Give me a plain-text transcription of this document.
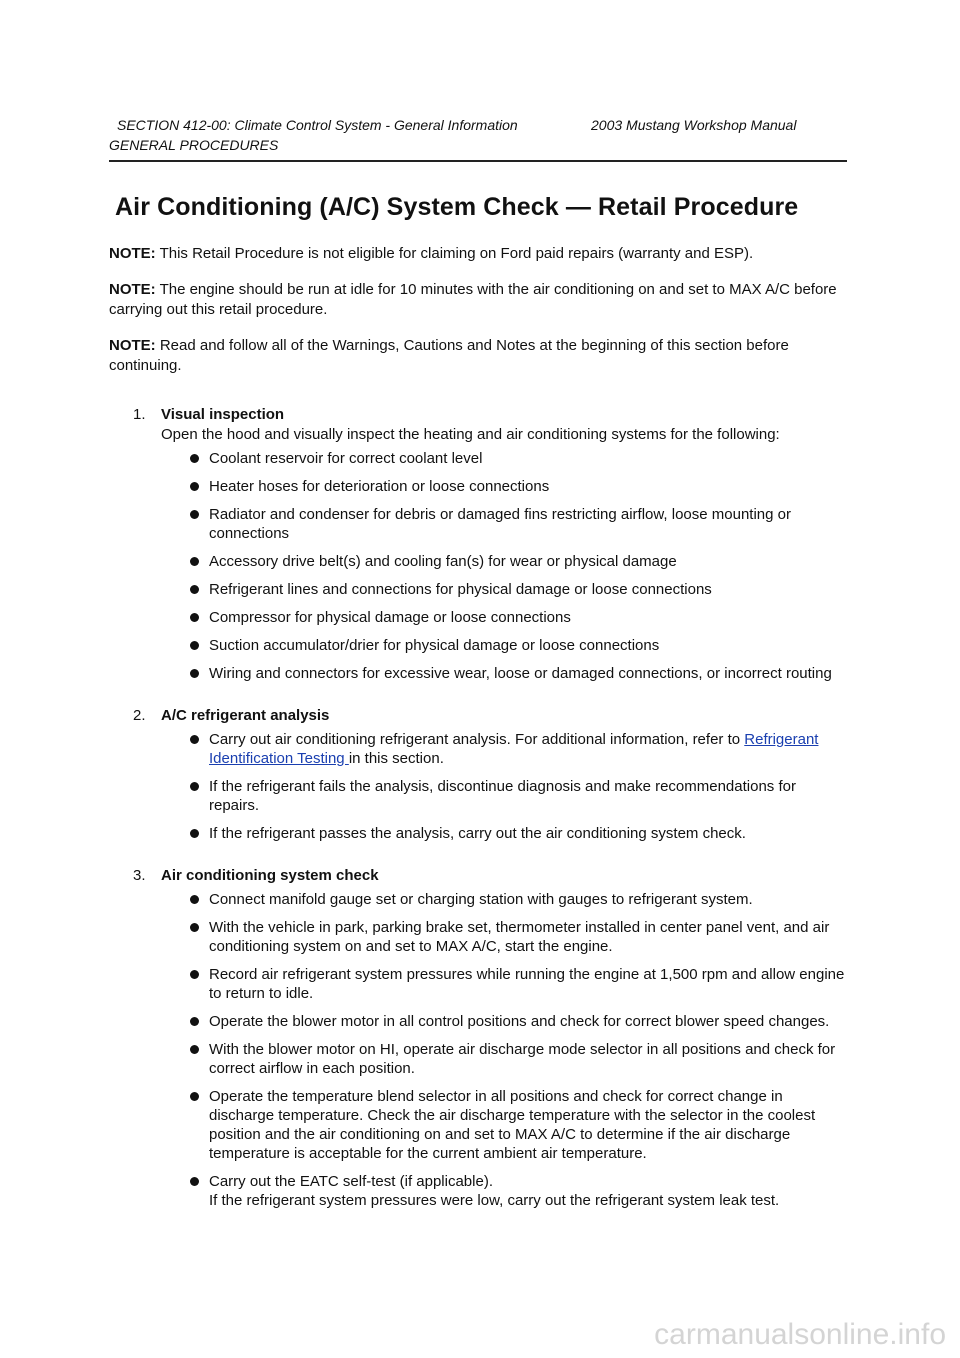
SECTION 412-00: Climate Control System - General Information	2003 Mustang Workshop Manual
GENERAL PROCEDURES
Air Conditioning (A/C) System Check — Retail Procedure

NOTE: This Retail Procedure is not eligible for claiming on Ford paid repairs (warranty and ESP).

NOTE: The engine should be run at idle for 10 minutes with the air conditioning on and set to MAX A/C before carrying out this retail procedure.

NOTE: Read and follow all of the Warnings, Cautions and Notes at the beginning of this section before continuing.

1. Visual inspection
Open the hood and visually inspect the heating and air conditioning systems for the following:
Coolant reservoir for correct coolant level
Heater hoses for deterioration or loose connections
Radiator and condenser for debris or damaged fins restricting airflow, loose mounting or connections
Accessory drive belt(s) and cooling fan(s) for wear or physical damage
Refrigerant lines and connections for physical damage or loose connections
Compressor for physical damage or loose connections
Suction accumulator/drier for physical damage or loose connections
Wiring and connectors for excessive wear, loose or damaged connections, or incorrect routing
2. A/C refrigerant analysis
Carry out air conditioning refrigerant analysis. For additional information, refer to Refrigerant Identification Testing in this section.
If the refrigerant fails the analysis, discontinue diagnosis and make recommendations for repairs.
If the refrigerant passes the analysis, carry out the air conditioning system check.
3. Air conditioning system check
Connect manifold gauge set or charging station with gauges to refrigerant system.
With the vehicle in park, parking brake set, thermometer installed in center panel vent, and air conditioning system on and set to MAX A/C, start the engine.
Record air refrigerant system pressures while running the engine at 1,500 rpm and allow engine to return to idle.
Operate the blower motor in all control positions and check for correct blower speed changes.
With the blower motor on HI, operate air discharge mode selector in all positions and check for correct airflow in each position.
Operate the temperature blend selector in all positions and check for correct change in discharge temperature. Check the air discharge temperature with the selector in the coolest position and the air conditioning on and set to MAX A/C to determine if the air discharge temperature is acceptable for the current ambient air temperature.
Carry out the EATC self-test (if applicable).
If the refrigerant system pressures were low, carry out the refrigerant system leak test.
carmanualsonline.info
